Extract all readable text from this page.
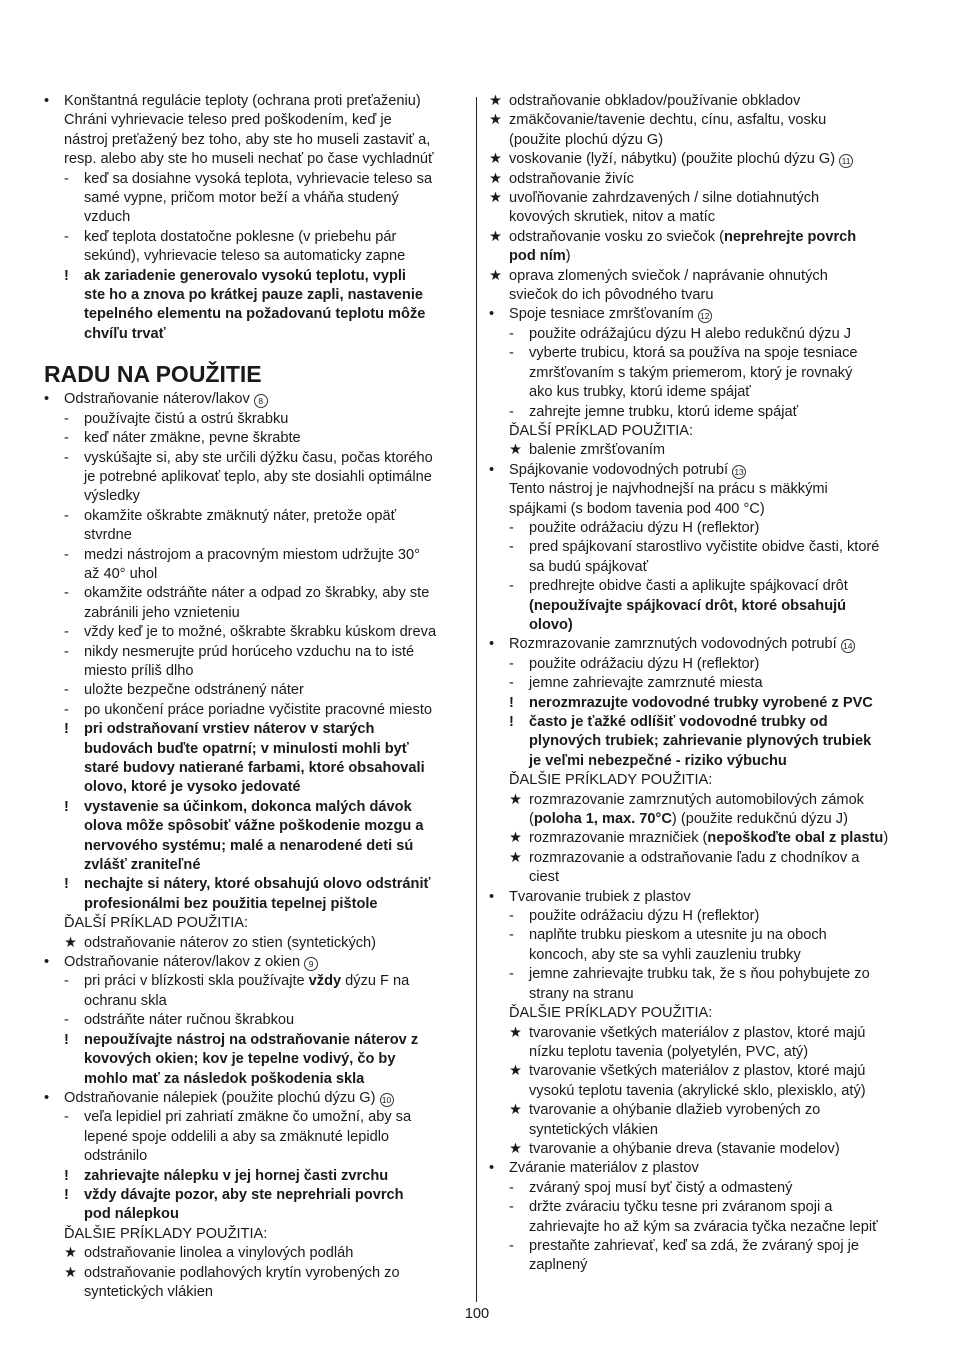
• Konštantná regulácie teploty (ochrana proti preťaženiu)
Chráni vyhrievacie teleso pred poškodením, keď je
nástroj preťažený bez toho, aby ste ho museli zastaviť a,
resp. alebo aby ste ho museli nechať po čase vychladnúť
- keď sa dosiahne vysoká teplota, vyhrievacie teleso sa
samé vypne, pričom motor beží a vháňa studený
vzduch
- keď teplota dostatočne poklesne (v priebehu pár
sekúnd), vyhrievacie teleso sa automaticky zapne
! ak zariadenie generovalo vysokú teplotu, vypli
ste ho a znova po krátkej pauze zapli, nastavenie
tepelného elementu na požadovanú teplotu môže
chvíľu trvať
RADU NA POUŽITIE
• Odstraňovanie náterov/lakov 8
- používajte čistú a ostrú škrabku
- keď náter zmäkne, pevne škrabte
- vyskúšajte si, aby ste určili dýžku času, počas ktorého
je potrebné aplikovať teplo, aby ste dosiahli optimálne
výsledky
- okamžite oškrabte zmäknutý náter, pretože opäť
stvrdne
- medzi nástrojom a pracovným miestom udržujte 30°
až 40° uhol
- okamžite odstráňte náter a odpad zo škrabky, aby ste
zabránili jeho vznieteniu
- vždy keď je to možné, oškrabte škrabku kúskom dreva
- nikdy nesmerujte prúd horúceho vzduchu na to isté
miesto príliš dlho
- uložte bezpečne odstránený náter
- po ukončení práce poriadne vyčistite pracovné miesto
! pri odstraňovaní vrstiev náterov v starých
budovách buďte opatrní; v minulosti mohli byť
staré budovy natierané farbami, ktoré obsahovali
olovo, ktoré je vysoko jedovaté
! vystavenie sa účinkom, dokonca malých dávok
olova môže spôsobiť vážne poškodenie mozgu a
nervového systému; malé a nenarodené deti sú
zvlášť zraniteľné
! nechajte si nátery, ktoré obsahujú olovo odstrániť
profesionálmi bez použitia tepelnej pištole
ĎALŠÍ PRÍKLAD POUŽITIA:
★ odstraňovanie náterov zo stien (syntetických)
• Odstraňovanie náterov/lakov z okien 9
- pri práci v blízkosti skla používajte vždy dýzu F na
ochranu skla
- odstráňte náter ručnou škrabkou
! nepoužívajte nástroj na odstraňovanie náterov z
kovových okien; kov je tepelne vodivý, čo by
mohlo mať za následok poškodenia skla
• Odstraňovanie nálepiek (použite plochú dýzu G) 10
- veľa lepidiel pri zahriatí zmäkne čo umožní, aby sa
lepené spoje oddelili a aby sa zmäknuté lepidlo
odstránilo
! zahrievajte nálepku v jej hornej časti zvrchu
! vždy dávajte pozor, aby ste neprehriali povrch
pod nálepkou
ĎALŠIE PRÍKLADY POUŽITIA:
★ odstraňovanie linolea a vinylových podláh
★ odstraňovanie podlahových krytín vyrobených zo
syntetických vlákien
★ odstraňovanie obkladov/používanie obkladov
★ zmäkčovanie/tavenie dechtu, cínu, asfaltu, vosku
(použite plochú dýzu G)
★ voskovanie (lyží, nábytku) (použite plochú dýzu G) 11
★ odstraňovanie živíc
★ uvoľňovanie zahrdzavených / silne dotiahnutých
kovových skrutiek, nitov a matíc
★ odstraňovanie vosku zo sviečok (neprehrejte povrch
pod ním)
★ oprava zlomených sviečok / naprávanie ohnutých
sviečok do ich pôvodného tvaru
• Spoje tesniace zmršťovaním 12
- použite odrážajúcu dýzu H alebo redukčnú dýzu J
- vyberte trubicu, ktorá sa používa na spoje tesniace
zmršťovaním s takým priemerom, ktorý je rovnaký
ako kus trubky, ktorú ideme spájať
- zahrejte jemne trubku, ktorú ideme spájať
ĎALŠÍ PRÍKLAD POUŽITIA:
★ balenie zmršťovaním
• Spájkovanie vodovodných potrubí 13
Tento nástroj je najvhodnejší na prácu s mäkkými
spájkami (s bodom tavenia pod 400 °C)
- použite odrážaciu dýzu H (reflektor)
- pred spájkovaní starostlivo vyčistite obidve časti, ktoré
sa budú spájkovať
- predhrejte obidve časti a aplikujte spájkovací drôt
(nepoužívajte spájkovací drôt, ktoré obsahujú
olovo)
• Rozmrazovanie zamrznutých vodovodných potrubí 14
- použite odrážaciu dýzu H (reflektor)
- jemne zahrievajte zamrznuté miesta
! nerozmrazujte vodovodné trubky vyrobené z PVC
! často je ťažké odlíšiť vodovodné trubky od
plynových trubiek; zahrievanie plynových trubiek
je veľmi nebezpečné - riziko výbuchu
ĎALŠIE PRÍKLADY POUŽITIA:
★ rozmrazovanie zamrznutých automobilových zámok
(poloha 1, max. 70°C) (použite redukčnú dýzu J)
★ rozmrazovanie mrazničiek (nepoškoďte obal z plastu)
★ rozmrazovanie a odstraňovanie ľadu z chodníkov a
ciest
• Tvarovanie trubiek z plastov
- použite odrážaciu dýzu H (reflektor)
- naplňte trubku pieskom a utesnite ju na oboch
koncoch, aby ste sa vyhli zauzleniu trubky
- jemne zahrievajte trubku tak, že s ňou pohybujete zo
strany na stranu
ĎALŠIE PRÍKLADY POUŽITIA:
★ tvarovanie všetkých materiálov z plastov, ktoré majú
nízku teplotu tavenia (polyetylén, PVC, atý)
★ tvarovanie všetkých materiálov z plastov, ktoré majú
vysokú teplotu tavenia (akrylické sklo, plexisklo, atý)
★ tvarovanie a ohýbanie dlažieb vyrobených zo
syntetických vlákien
★ tvarovanie a ohýbanie dreva (stavanie modelov)
• Zváranie materiálov z plastov
- zváraný spoj musí byť čistý a odmastený
- držte zváraciu tyčku tesne pri zváranom spoji a
zahrievajte ho až kým sa zváracia tyčka nezačne lepiť
- prestaňte zahrievať, keď sa zdá, že zváraný spoj je
zaplnený
100
